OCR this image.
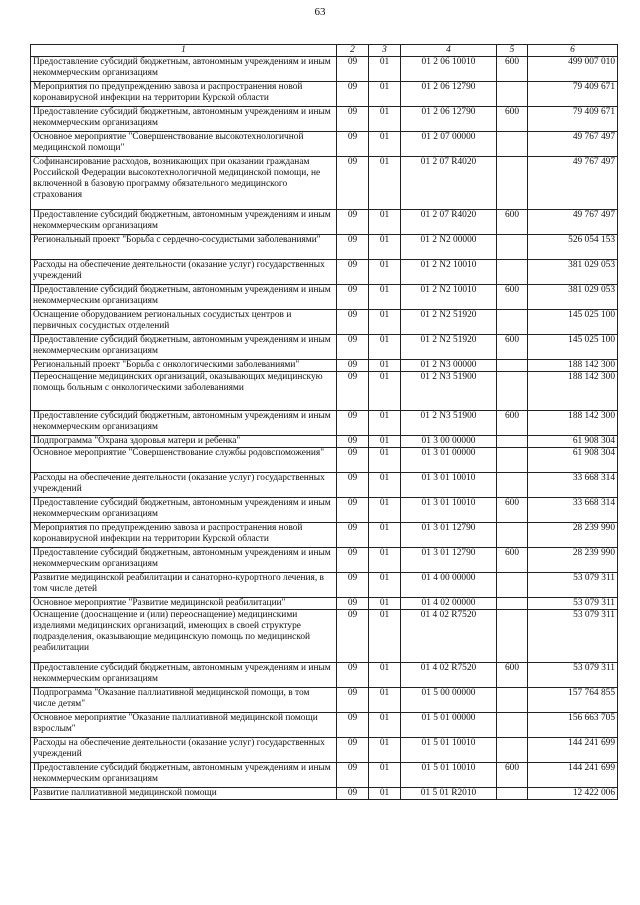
63
1	2	3	4	5	6
Предоставление субсидий бюджетным, автономным учреждениям и иным некоммерческим организациям	09	01	01 2 06 10010	600	499 007 010
Мероприятия по предупреждению завоза и распространения новой коронавирусной инфекции на территории Курской области	09	01	01 2 06 12790		79 409 671
Предоставление субсидий бюджетным, автономным учреждениям и иным некоммерческим организациям	09	01	01 2 06 12790	600	79 409 671
Основное мероприятие "Совершенствование высокотехнологичной медицинской помощи"	09	01	01 2 07 00000		49 767 497
Софинансирование расходов, возникающих при оказании гражданам Российской Федерации высокотехнологичной медицинской помощи, не включенной в базовую программу обязательного медицинского страхования	09	01	01 2 07 R4020		49 767 497
Предоставление субсидий бюджетным, автономным учреждениям и иным некоммерческим организациям	09	01	01 2 07 R4020	600	49 767 497
Региональный проект "Борьба с сердечно-сосудистыми заболеваниями"	09	01	01 2 N2 00000		526 054 153
Расходы на обеспечение деятельности (оказание услуг) государственных учреждений	09	01	01 2 N2 10010		381 029 053
Предоставление субсидий бюджетным, автономным учреждениям и иным некоммерческим организациям	09	01	01 2 N2 10010	600	381 029 053
Оснащение оборудованием региональных сосудистых центров и первичных сосудистых отделений	09	01	01 2 N2 51920		145 025 100
Предоставление субсидий бюджетным, автономным учреждениям и иным некоммерческим организациям	09	01	01 2 N2 51920	600	145 025 100
Региональный проект "Борьба с онкологическими заболеваниями"	09	01	01 2 N3 00000		188 142 300
Переоснащение медицинских организаций, оказывающих медицинскую помощь больным с онкологическими заболеваниями	09	01	01 2 N3 51900		188 142 300
Предоставление субсидий бюджетным, автономным учреждениям и иным некоммерческим организациям	09	01	01 2 N3 51900	600	188 142 300
Подпрограмма "Охрана здоровья матери и ребенка"	09	01	01 3 00 00000		61 908 304
Основное мероприятие "Совершенствование службы родовспоможения"	09	01	01 3 01 00000		61 908 304
Расходы на обеспечение деятельности (оказание услуг) государственных учреждений	09	01	01 3 01 10010		33 668 314
Предоставление субсидий бюджетным, автономным учреждениям и иным некоммерческим организациям	09	01	01 3 01 10010	600	33 668 314
Мероприятия по предупреждению завоза и распространения новой коронавирусной инфекции на территории Курской области	09	01	01 3 01 12790		28 239 990
Предоставление субсидий бюджетным, автономным учреждениям и иным некоммерческим организациям	09	01	01 3 01 12790	600	28 239 990
Развитие медицинской реабилитации и санаторно-курортного лечения, в том числе детей	09	01	01 4 00 00000		53 079 311
Основное мероприятие "Развитие медицинской реабилитации"	09	01	01 4 02 00000		53 079 311
Оснащение (дооснащение и (или) переоснащение) медицинскими изделиями медицинских организаций, имеющих в своей структуре подразделения, оказывающие медицинскую помощь по медицинской реабилитации	09	01	01 4 02 R7520		53 079 311
Предоставление субсидий бюджетным, автономным учреждениям и иным некоммерческим организациям	09	01	01 4 02 R7520	600	53 079 311
Подпрограмма "Оказание паллиативной медицинской помощи, в том числе детям"	09	01	01 5 00 00000		157 764 855
Основное мероприятие "Оказание паллиативной медицинской помощи взрослым"	09	01	01 5 01 00000		156 663 705
Расходы на обеспечение деятельности (оказание услуг) государственных учреждений	09	01	01 5 01 10010		144 241 699
Предоставление субсидий бюджетным, автономным учреждениям и иным некоммерческим организациям	09	01	01 5 01 10010	600	144 241 699
Развитие паллиативной медицинской помощи	09	01	01 5 01 R2010		12 422 006
